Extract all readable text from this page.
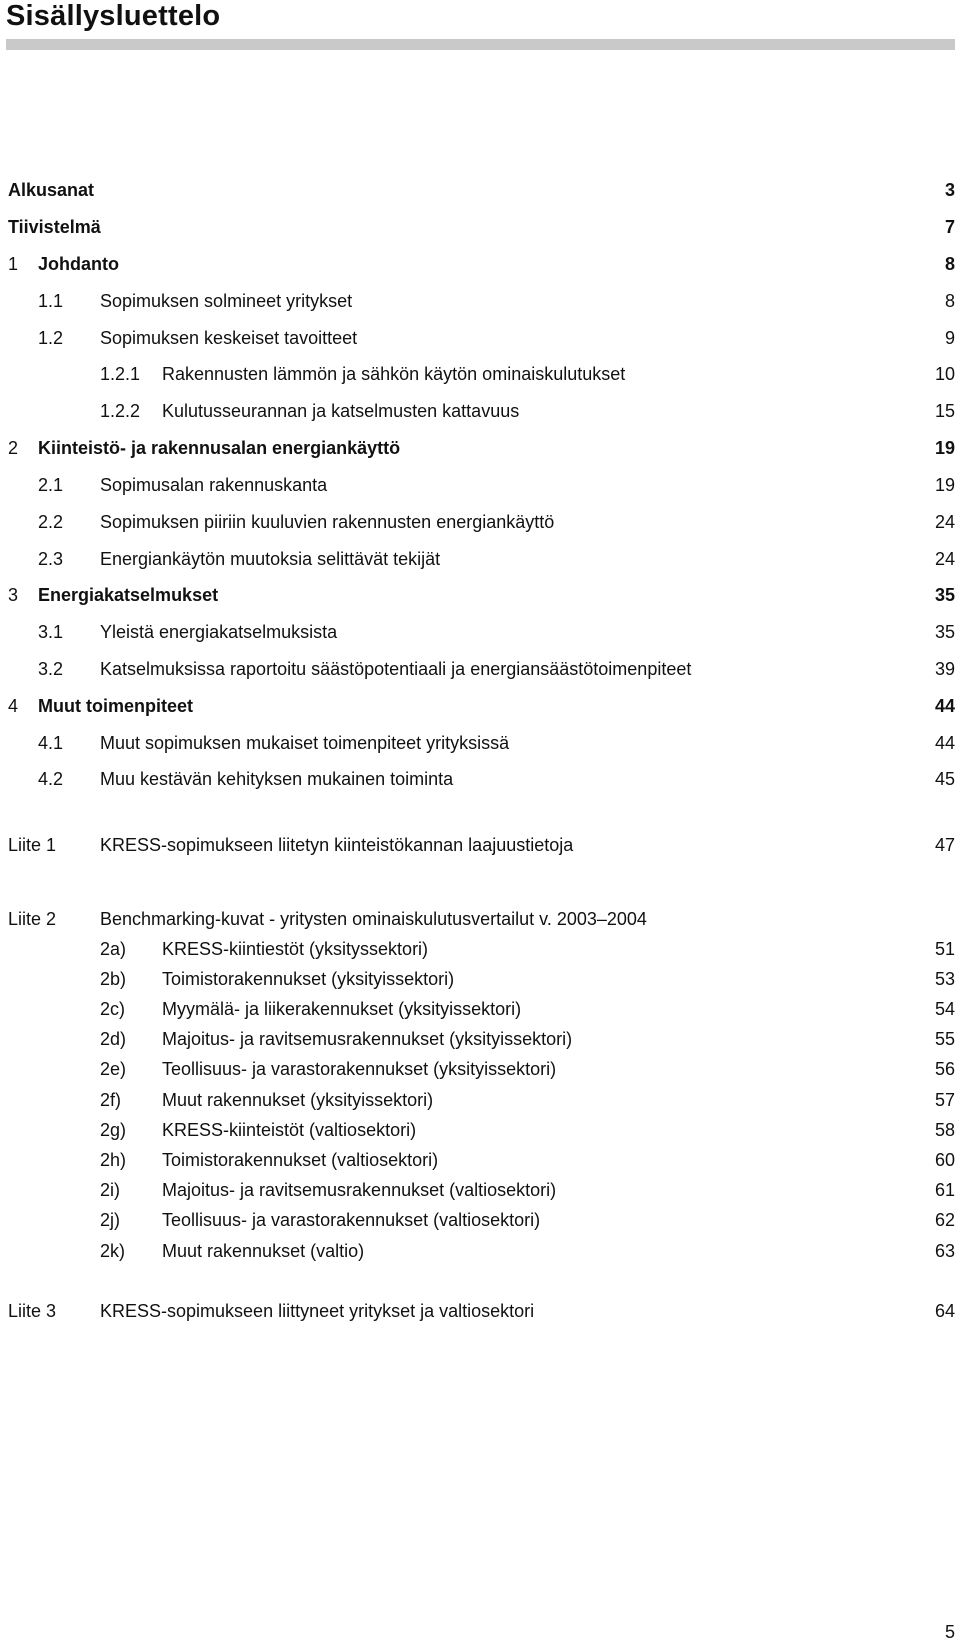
Sisällysluettelo
Alkusanat	3
Tiivistelmä	7
1 Johdanto	8
1.1 Sopimuksen solmineet yritykset	8
1.2 Sopimuksen keskeiset tavoitteet	9
1.2.1 Rakennusten lämmön ja sähkön käytön ominaiskulutukset	10
1.2.2 Kulutusseurannan ja katselmusten kattavuus	15
2 Kiinteistö- ja rakennusalan energiankäyttö	19
2.1 Sopimusalan rakennuskanta	19
2.2 Sopimuksen piiriin kuuluvien rakennusten energiankäyttö	24
2.3 Energiankäytön muutoksia selittävät tekijät	24
3 Energiakatselmukset	35
3.1 Yleistä energiakatselmuksista	35
3.2 Katselmuksissa raportoitu säästöpotentiaali ja energiansäästötoimenpiteet	39
4 Muut toimenpiteet	44
4.1 Muut sopimuksen mukaiset toimenpiteet yrityksissä	44
4.2 Muu kestävän kehityksen mukainen toiminta	45
Liite 1 KRESS-sopimukseen liitetyn kiinteistökannan laajuustietoja	47
Liite 2 Benchmarking-kuvat - yritysten ominaiskulutusvertailut v. 2003–2004
2a) KRESS-kiintiestöt (yksityssektori)	51
2b) Toimistorakennukset (yksityissektori)	53
2c) Myymälä- ja liikerakennukset (yksityissektori)	54
2d) Majoitus- ja ravitsemusrakennukset (yksityissektori)	55
2e) Teollisuus- ja varastorakennukset (yksityissektori)	56
2f) Muut rakennukset (yksityissektori)	57
2g) KRESS-kiinteistöt (valtiosektori)	58
2h) Toimistorakennukset (valtiosektori)	60
2i) Majoitus- ja ravitsemusrakennukset (valtiosektori)	61
2j) Teollisuus- ja varastorakennukset (valtiosektori)	62
2k) Muut rakennukset (valtio)	63
Liite 3 KRESS-sopimukseen liittyneet yritykset ja valtiosektori	64
5
